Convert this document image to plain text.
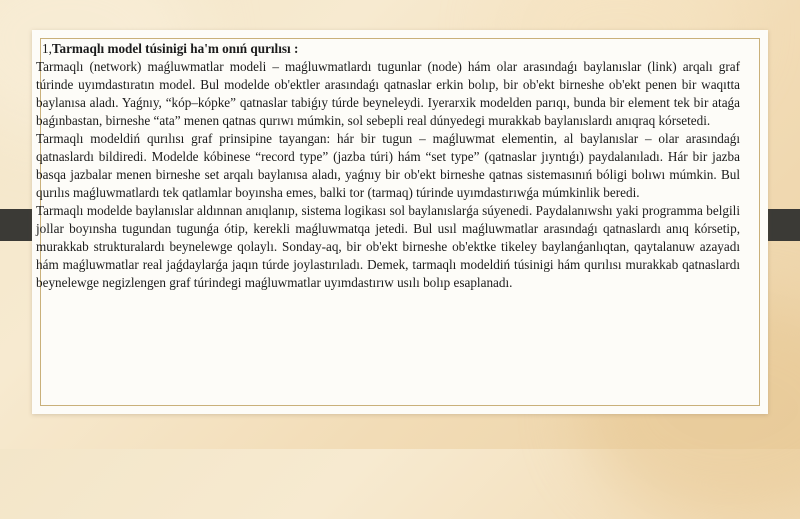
1,Tarmaqlı model túsinigi ha'm onıń qurılısı :

Tarmaqlı (network) maǵluwmatlar modeli – maǵluwmatlardı tugunlar (node) hám olar arasındaǵı baylanıslar (link) arqalı graf túrinde uyımdastıratın model. Bul modelde ob'ektler arasındaǵı qatnaslar erkin bolıp, bir ob'ekt birneshe ob'ekt penen bir waqıtta baylanısa aladı. Yaǵnıy, “kóp–kópke” qatnaslar tabiǵıy túrde beyneleydi. Iyerarxik modelden parıqı, bunda bir element tek bir ataǵa baǵınbastan, birneshe “ata” menen qatnas qurıwı múmkin, sol sebepli real dúnyedegi murakkab baylanıslardı anıqraq kórsetedi.

Tarmaqlı modeldiń qurılısı graf prinsipine tayangan: hár bir tugun – maǵluwmat elementin, al baylanıslar – olar arasındaǵı qatnaslardı bildiredi. Modelde kóbinese “record type” (jazba túri) hám “set type” (qatnaslar jıyntıǵı) paydalanıladı. Hár bir jazba basqa jazbalar menen birneshe set arqalı baylanısa aladı, yaǵnıy bir ob'ekt birneshe qatnas sistemasınıń bóligi bolıwı múmkin. Bul qurılıs maǵluwmatlardı tek qatlamlar boyınsha emes, balki tor (tarmaq) túrinde uyımdastırıwǵa múmkinlik beredi.

Tarmaqlı modelde baylanıslar aldınnan anıqlanıp, sistema logikası sol baylanıslarǵa súyenedi. Paydalanıwshı yaki programma belgili jollar boyınsha tugundan tugunǵa ótip, kerekli maǵluwmatqa jetedi. Bul usıl maǵluwmatlar arasındaǵı qatnaslardı anıq kórsetip, murakkab strukturalardı beynelewge qolaylı. Sonday-aq, bir ob'ekt birneshe ob'ektke tikeley baylanǵanlıqtan, qaytalanuw azayadı hám maǵluwmatlar real jaǵdaylarǵa jaqın túrde joylastırıladı. Demek, tarmaqlı modeldiń túsinigi hám qurılısı murakkab qatnaslardı beynelewge negizlengen graf túrindegi maǵluwmatlar uyımdastırıw usılı bolıp esaplanadı.
